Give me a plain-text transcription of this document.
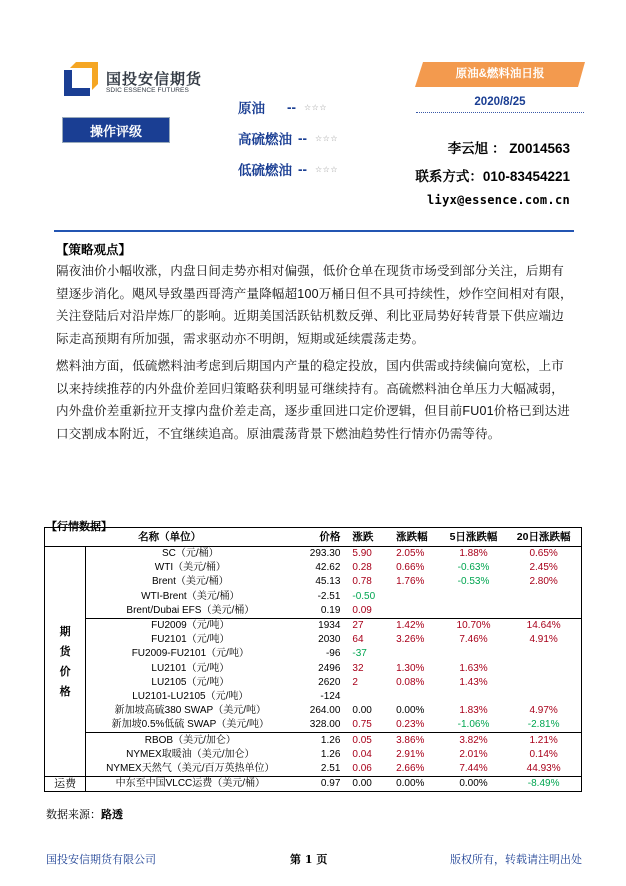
国投安信期货
SDIC ESSENCE FUTURES
操作评级
原油 -- ☆☆☆
高硫燃油 -- ☆☆☆
低硫燃油 -- ☆☆☆
原油&燃料油日报
2020/8/25
李云旭 ： Z0014563
联系方式：010-83454221
liyx@essence.com.cn
【策略观点】
隔夜油价小幅收涨，内盘日间走势亦相对偏强，低价仓单在现货市场受到部分关注，后期有望逐步消化。飓风导致墨西哥湾产量降幅超100万桶日但不具可持续性，炒作空间相对有限，关注登陆后对沿岸炼厂的影响。近期美国活跃钻机数反弹、利比亚局势好转背景下供应端边际走高预期有所加强，需求驱动亦不明朗，短期或延续震荡走势。
燃料油方面，低硫燃料油考虑到后期国内产量的稳定投放，国内供需或持续偏向宽松，上市以来持续推荐的内外盘价差回归策略获利明显可继续持有。高硫燃料油仓单压力大幅减弱，内外盘价差重新拉开支撑内盘价差走高，逐步重回进口定价逻辑，但目前FU01价格已到达进口交割成本附近，不宜继续追高。原油震荡背景下燃油趋势性行情亦仍需等待。
【行情数据】
名称（单位）		价格	涨跌	涨跌幅	5日涨跌幅	20日涨跌幅

期
货
价
格	SC（元/桶）	293.30	5.90	2.05%	1.88%	0.65%
	WTI（美元/桶）	42.62	0.28	0.66%	-0.63%	2.45%
	Brent（美元/桶）	45.13	0.78	1.76%	-0.53%	2.80%
	WTI-Brent（美元/桶）	-2.51	-0.50			
	Brent/Dubai EFS（美元/桶）	0.19	0.09			
	FU2009（元/吨）	1934	27	1.42%	10.70%	14.64%
	FU2101（元/吨）	2030	64	3.26%	7.46%	4.91%
	FU2009-FU2101（元/吨）	-96	-37			
	LU2101（元/吨）	2496	32	1.30%	1.63%	
	LU2105（元/吨）	2620	2	0.08%	1.43%	
	LU2101-LU2105（元/吨）	-124				
	新加坡高硫380 SWAP（美元/吨）	264.00	0.00	0.00%	1.83%	4.97%
	新加坡0.5%低硫 SWAP（美元/吨）	328.00	0.75	0.23%	-1.06%	-2.81%
	RBOB（美元/加仑）	1.26	0.05	3.86%	3.82%	1.21%
	NYMEX取暖油（美元/加仑）	1.26	0.04	2.91%	2.01%	0.14%
	NYMEX天然气（美元/百万英热单位）	2.51	0.06	2.66%	7.44%	44.93%
运费	中东至中国VLCC运费（美元/桶）	0.97	0.00	0.00%	0.00%	-8.49%
数据来源：路透
国投安信期货有限公司	第 1 页	版权所有，转载请注明出处
